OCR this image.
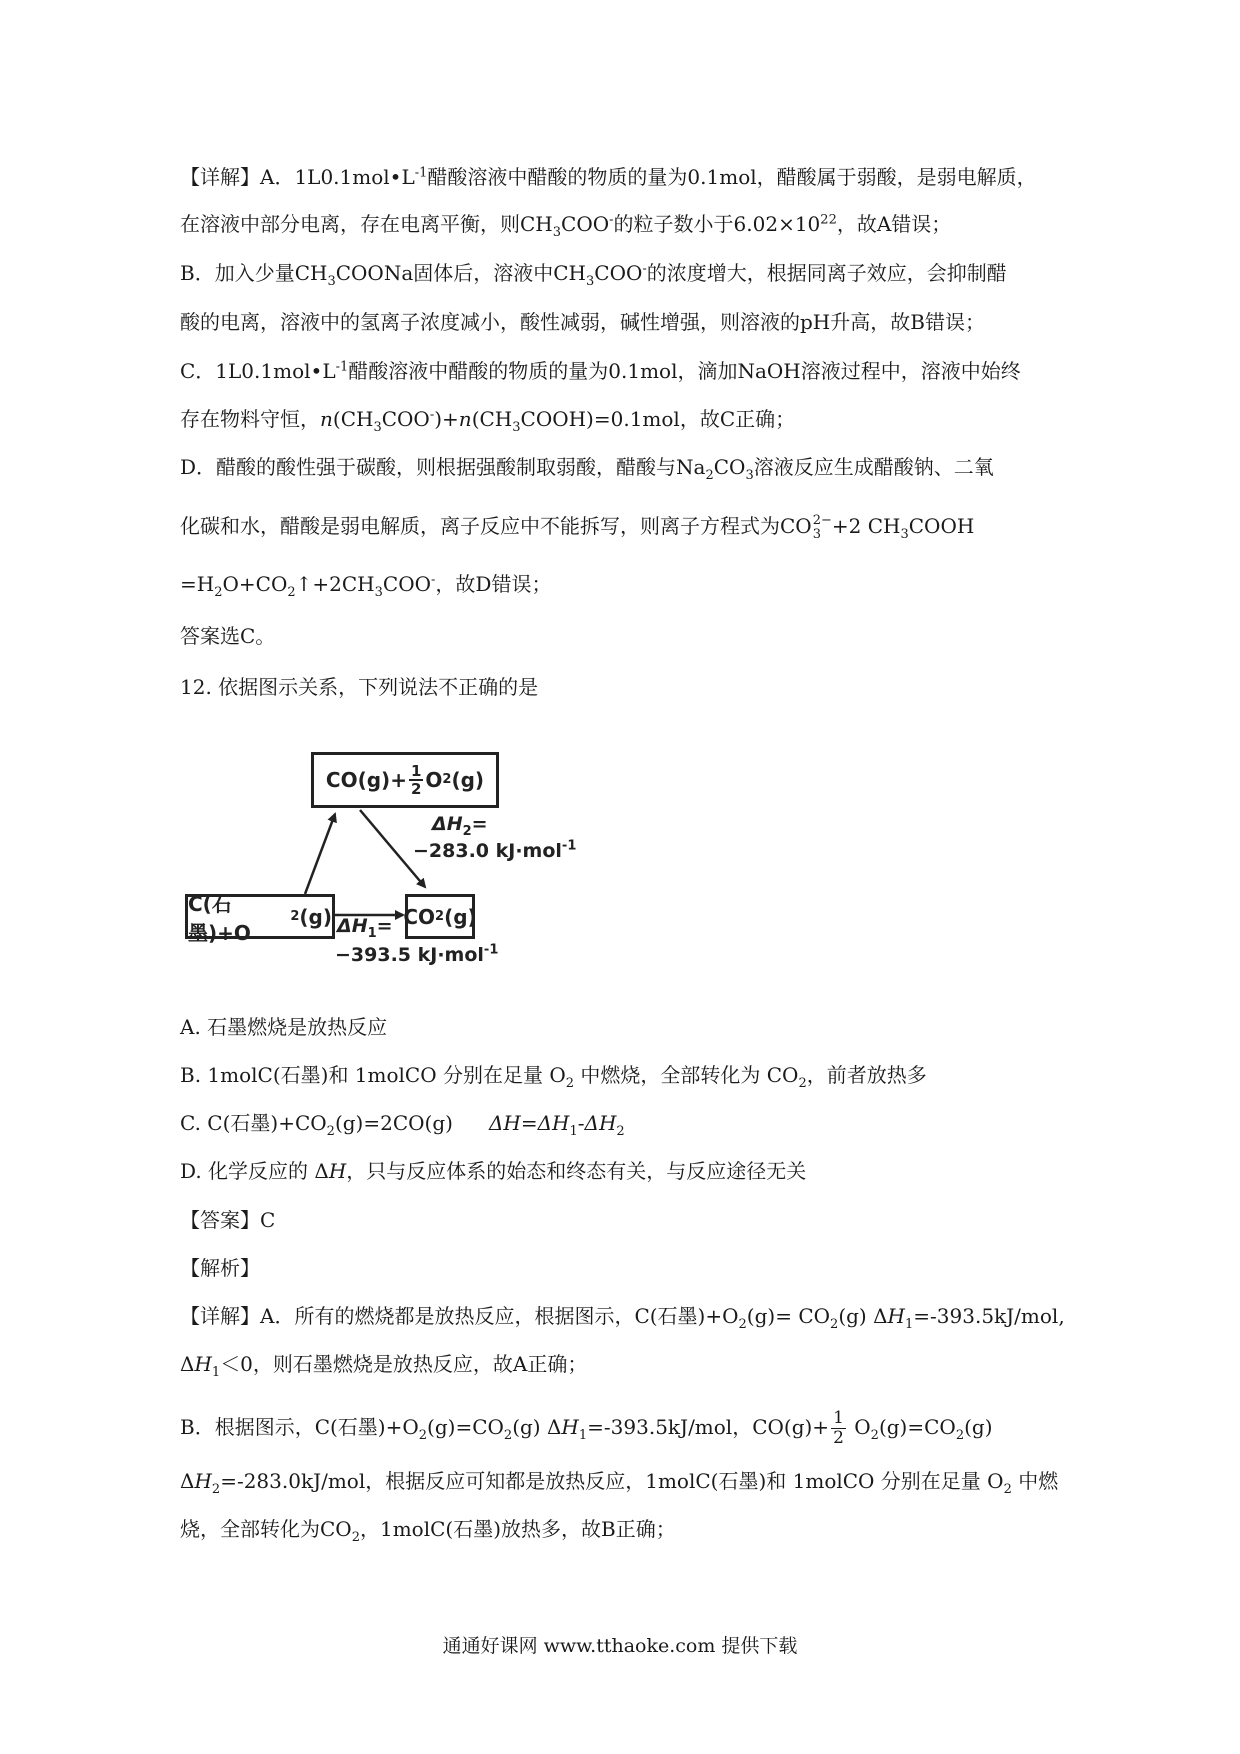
【详解】A．$1L0.1mol•L^{-1}$醋酸溶液中醋酸的物质的量为0.1mol，醋酸属于弱酸，是弱电解质，
在溶液中部分电离，存在电离平衡，则$CH_3COO^-$的粒子数小于$6.02\times 10^{22}$，故A错误；
B．加入少量$CH_3COONa$固体后，溶液中$CH_3COO^-$的浓度增大，根据同离子效应，会抑制醋
酸的电离，溶液中的氢离子浓度减小，酸性减弱，碱性增强，则溶液的pH升高，故B错误；
C．$1L0.1mol•L^{-1}$醋酸溶液中醋酸的物质的量为0.1mol，滴加NaOH溶液过程中，溶液中始终
存在物料守恒，$n(CH_3COO^-)+n(CH_3COOH)=0.1mol$，故C正确；
D．醋酸的酸性强于碳酸，则根据强酸制取弱酸，醋酸与$Na_2CO_3$溶液反应生成醋酸钠、二氧
化碳和水，醋酸是弱电解质，离子反应中不能拆写，则离子方程式为CO 2−
3 +2 $CH_3COOH$
$=H_2O+CO_2↑+2CH_3COO^-$，故D错误；
答案选C。
12. 依据图示关系，下列说法不正确的是
$CO(g)+ \frac{1}{2}$ O 2 (g)
C(石墨)+O
2 (g)	CO 2 (g)
$\Delta H_2=$
−283.0 kJ·mol$^{-1}$
$\Delta H_1=$
−393.5 kJ·mol$^{-1}$
A. 石墨燃烧是放热反应
B. 1molC(石墨)和 1molCO 分别在足量 $O_2$ 中燃烧，全部转化为 $CO_2$，前者放热多
C. C(石墨)$+CO_2(g)=2CO(g)$ $\Delta H=\Delta H_1-\Delta H_2$
D. 化学反应的 ΔH，只与反应体系的始态和终态有关，与反应途径无关
【答案】C
【解析】
【详解】A．所有的燃烧都是放热反应，根据图示，C(石墨)$+O_2(g)= CO_2(g)$ $\Delta H_1=-393.5kJ$/mol,
$\Delta H_1<0$，则石墨燃烧是放热反应，故A正确；
B．根据图示，C(石墨)$+O_2(g)=CO_2(g)$ $\Delta H_1=-393.5kJ$/mol，$CO(g)+ \frac{1}{2} O_2(g)=CO_2(g)$
$\Delta H_2=-283.0kJ$/mol，根据反应可知都是放热反应，1molC(石墨)和 1molCO 分别在足量 $O_2$ 中燃
烧，全部转化为$CO_2$，1molC(石墨)放热多，故B正确；
通通好课网 www.tthaoke.com 提供下载
